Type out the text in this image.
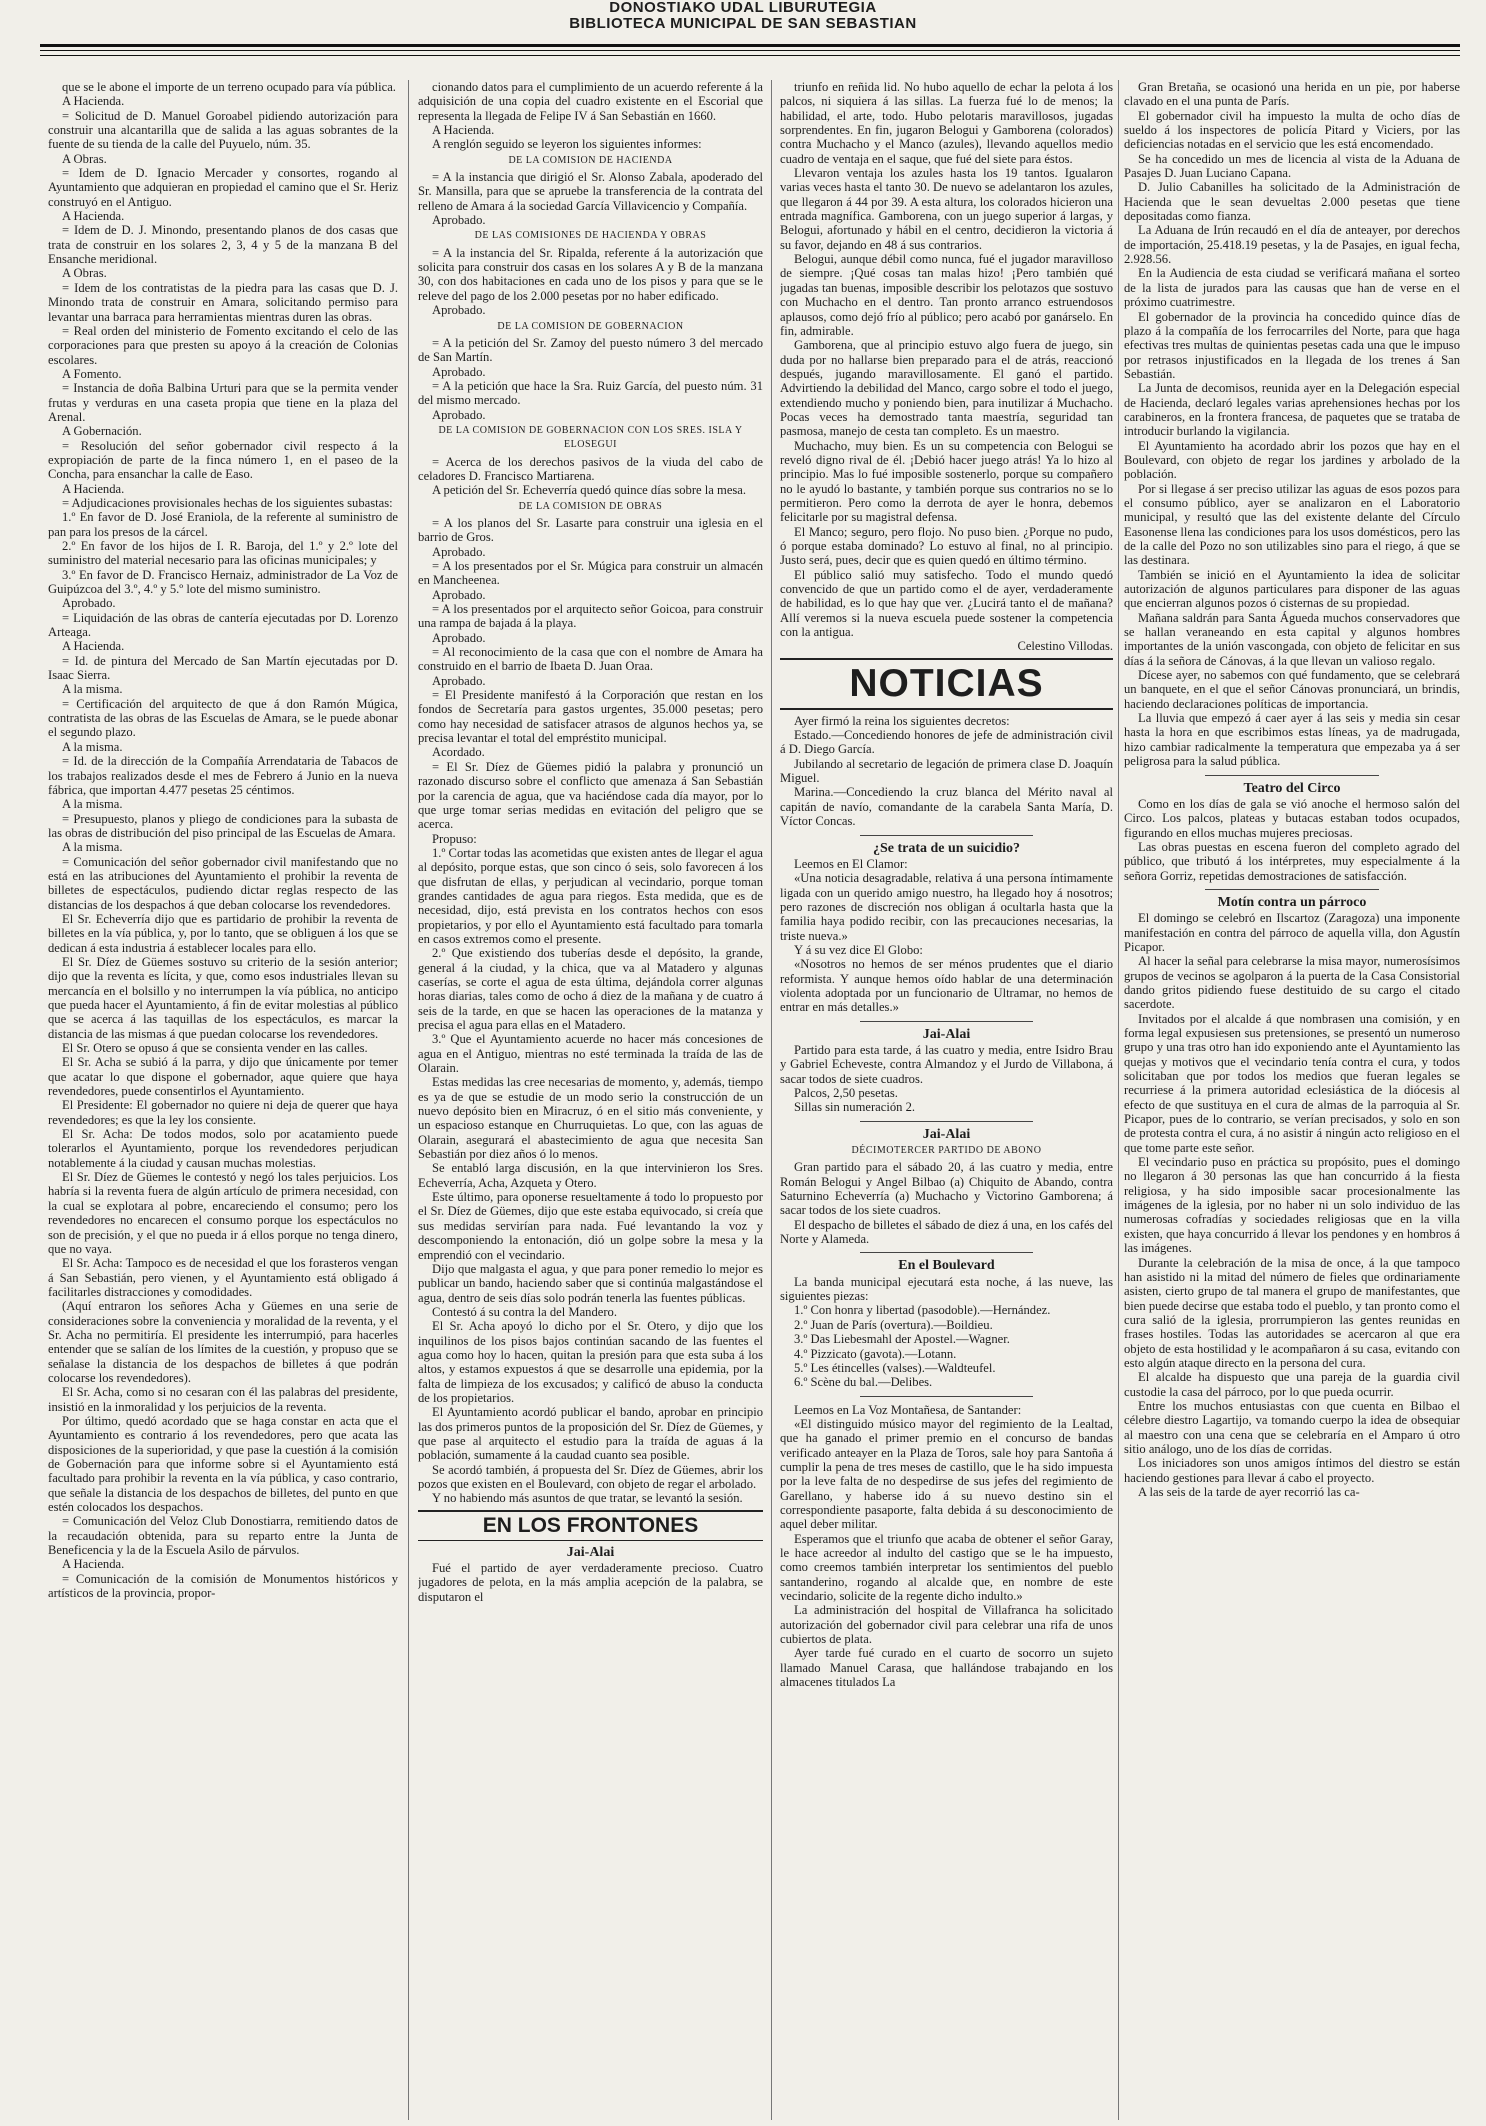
DONOSTIAKO UDAL LIBURUTEGIA
BIBLIOTECA MUNICIPAL DE SAN SEBASTIAN

que se le abone el importe de un terreno ocupado para vía pública.

A Hacienda.

= Solicitud de D. Manuel Goroabel pidiendo autorización para construir una alcantarilla que de salida a las aguas sobrantes de la fuente de su tienda de la calle del Puyuelo, núm. 35.

A Obras.

= Idem de D. Ignacio Mercader y consortes, rogando al Ayuntamiento que adquieran en propiedad el camino que el Sr. Heriz construyó en el Antiguo.

A Hacienda.

= Idem de D. J. Minondo, presentando planos de dos casas que trata de construir en los solares 2, 3, 4 y 5 de la manzana B del Ensanche meridional.

A Obras.

= Idem de los contratistas de la piedra para las casas que D. J. Minondo trata de construir en Amara, solicitando permiso para levantar una barraca para herramientas mientras duren las obras.

= Real orden del ministerio de Fomento excitando el celo de las corporaciones para que presten su apoyo á la creación de Colonias escolares.

A Fomento.

= Instancia de doña Balbina Urturi para que se la permita vender frutas y verduras en una caseta propia que tiene en la plaza del Arenal.

A Gobernación.

= Resolución del señor gobernador civil respecto á la expropiación de parte de la finca número 1, en el paseo de la Concha, para ensanchar la calle de Easo.

A Hacienda.

= Adjudicaciones provisionales hechas de los siguientes subastas:

1.º En favor de D. José Eraniola, de la referente al suministro de pan para los presos de la cárcel.

2.º En favor de los hijos de I. R. Baroja, del 1.º y 2.º lote del suministro del material necesario para las oficinas municipales; y

3.º En favor de D. Francisco Hernaiz, administrador de La Voz de Guipúzcoa del 3.º, 4.º y 5.º lote del mismo suministro.

Aprobado.

= Liquidación de las obras de cantería ejecutadas por D. Lorenzo Arteaga.

A Hacienda.

= Id. de pintura del Mercado de San Martín ejecutadas por D. Isaac Sierra.

A la misma.

= Certificación del arquitecto de que á don Ramón Múgica, contratista de las obras de las Escuelas de Amara, se le puede abonar el segundo plazo.

A la misma.

= Id. de la dirección de la Compañía Arrendataria de Tabacos de los trabajos realizados desde el mes de Febrero á Junio en la nueva fábrica, que importan 4.477 pesetas 25 céntimos.

A la misma.

= Presupuesto, planos y pliego de condiciones para la subasta de las obras de distribución del piso principal de las Escuelas de Amara.

A la misma.

= Comunicación del señor gobernador civil manifestando que no está en las atribuciones del Ayuntamiento el prohibir la reventa de billetes de espectáculos, pudiendo dictar reglas respecto de las distancias de los despachos á que deban colocarse los revendedores.

El Sr. Echeverría dijo que es partidario de prohibir la reventa de billetes en la vía pública, y, por lo tanto, que se obliguen á los que se dedican á esta industria á establecer locales para ello.

El Sr. Díez de Güemes sostuvo su criterio de la sesión anterior; dijo que la reventa es lícita, y que, como esos industriales llevan su mercancía en el bolsillo y no interrumpen la vía pública, no anticipo que pueda hacer el Ayuntamiento, á fin de evitar molestias al público que se acerca á las taquillas de los espectáculos, es marcar la distancia de las mismas á que puedan colocarse los revendedores.

El Sr. Otero se opuso á que se consienta vender en las calles.

El Sr. Acha se subió á la parra, y dijo que únicamente por temer que acatar lo que dispone el gobernador, aque quiere que haya revendedores, puede consentirlos el Ayuntamiento.

El Presidente: El gobernador no quiere ni deja de querer que haya revendedores; es que la ley los consiente.

El Sr. Acha: De todos modos, solo por acatamiento puede tolerarlos el Ayuntamiento, porque los revendedores perjudican notablemente á la ciudad y causan muchas molestias.

El Sr. Díez de Güemes le contestó y negó los tales perjuicios. Los habría si la reventa fuera de algún artículo de primera necesidad, con la cual se explotara al pobre, encareciendo el consumo; pero los revendedores no encarecen el consumo porque los espectáculos no son de precisión, y el que no pueda ir á ellos porque no tenga dinero, que no vaya.

El Sr. Acha: Tampoco es de necesidad el que los forasteros vengan á San Sebastián, pero vienen, y el Ayuntamiento está obligado á facilitarles distracciones y comodidades.

(Aquí entraron los señores Acha y Güemes en una serie de consideraciones sobre la conveniencia y moralidad de la reventa, y el Sr. Acha no permitiría. El presidente les interrumpió, para hacerles entender que se salían de los límites de la cuestión, y propuso que se señalase la distancia de los despachos de billetes á que podrán colocarse los revendedores).

El Sr. Acha, como si no cesaran con él las palabras del presidente, insistió en la inmoralidad y los perjuicios de la reventa.

Por último, quedó acordado que se haga constar en acta que el Ayuntamiento es contrario á los revendedores, pero que acata las disposiciones de la superioridad, y que pase la cuestión á la comisión de Gobernación para que informe sobre si el Ayuntamiento está facultado para prohibir la reventa en la vía pública, y caso contrario, que señale la distancia de los despachos de billetes, del punto en que estén colocados los despachos.

= Comunicación del Veloz Club Donostiarra, remitiendo datos de la recaudación obtenida, para su reparto entre la Junta de Beneficencia y la de la Escuela Asilo de párvulos.

A Hacienda.

= Comunicación de la comisión de Monumentos históricos y artísticos de la provincia, propor-

cionando datos para el cumplimiento de un acuerdo referente á la adquisición de una copia del cuadro existente en el Escorial que representa la llegada de Felipe IV á San Sebastián en 1660.

A Hacienda.

A renglón seguido se leyeron los siguientes informes:

DE LA COMISION DE HACIENDA

= A la instancia que dirigió el Sr. Alonso Zabala, apoderado del Sr. Mansilla, para que se apruebe la transferencia de la contrata del relleno de Amara á la sociedad García Villavicencio y Compañía.

Aprobado.

DE LAS COMISIONES DE HACIENDA Y OBRAS

= A la instancia del Sr. Ripalda, referente á la autorización que solicita para construir dos casas en los solares A y B de la manzana 30, con dos habitaciones en cada uno de los pisos y para que se le releve del pago de los 2.000 pesetas por no haber edificado.

Aprobado.

DE LA COMISION DE GOBERNACION

= A la petición del Sr. Zamoy del puesto número 3 del mercado de San Martín.

Aprobado.

= A la petición que hace la Sra. Ruiz García, del puesto núm. 31 del mismo mercado.

Aprobado.

DE LA COMISION DE GOBERNACION CON LOS SRES. ISLA Y ELOSEGUI

= Acerca de los derechos pasivos de la viuda del cabo de celadores D. Francisco Martiarena.

A petición del Sr. Echeverría quedó quince días sobre la mesa.

DE LA COMISION DE OBRAS

= A los planos del Sr. Lasarte para construir una iglesia en el barrio de Gros.

Aprobado.

= A los presentados por el Sr. Múgica para construir un almacén en Mancheenea.

Aprobado.

= A los presentados por el arquitecto señor Goicoa, para construir una rampa de bajada á la playa.

Aprobado.

= Al reconocimiento de la casa que con el nombre de Amara ha construido en el barrio de Ibaeta D. Juan Oraa.

Aprobado.

= El Presidente manifestó á la Corporación que restan en los fondos de Secretaría para gastos urgentes, 35.000 pesetas; pero como hay necesidad de satisfacer atrasos de algunos hechos ya, se precisa levantar el total del empréstito municipal.

Acordado.

= El Sr. Díez de Güemes pidió la palabra y pronunció un razonado discurso sobre el conflicto que amenaza á San Sebastián por la carencia de agua, que va haciéndose cada día mayor, por lo que urge tomar serias medidas en evitación del peligro que se acerca.

Propuso:

1.º Cortar todas las acometidas que existen antes de llegar el agua al depósito, porque estas, que son cinco ó seis, solo favorecen á los que disfrutan de ellas, y perjudican al vecindario, porque toman grandes cantidades de agua para riegos. Esta medida, que es de necesidad, dijo, está prevista en los contratos hechos con esos propietarios, y por ello el Ayuntamiento está facultado para tomarla en casos extremos como el presente.

2.º Que existiendo dos tuberías desde el depósito, la grande, general á la ciudad, y la chica, que va al Matadero y algunas caserías, se corte el agua de esta última, dejándola correr algunas horas diarias, tales como de ocho á diez de la mañana y de cuatro á seis de la tarde, en que se hacen las operaciones de la matanza y precisa el agua para ellas en el Matadero.

3.º Que el Ayuntamiento acuerde no hacer más concesiones de agua en el Antiguo, mientras no esté terminada la traída de las de Olarain.

Estas medidas las cree necesarias de momento, y, además, tiempo es ya de que se estudie de un modo serio la construcción de un nuevo depósito bien en Miracruz, ó en el sitio más conveniente, y un espacioso estanque en Churruquietas. Lo que, con las aguas de Olarain, asegurará el abastecimiento de agua que necesita San Sebastián por diez años ó lo menos.

Se entabló larga discusión, en la que intervinieron los Sres. Echeverría, Acha, Azqueta y Otero.

Este último, para oponerse resueltamente á todo lo propuesto por el Sr. Díez de Güemes, dijo que este estaba equivocado, si creía que sus medidas servirían para nada. Fué levantando la voz y descomponiendo la entonación, dió un golpe sobre la mesa y la emprendió con el vecindario.

Dijo que malgasta el agua, y que para poner remedio lo mejor es publicar un bando, haciendo saber que si continúa malgastándose el agua, dentro de seis días solo podrán tenerla las fuentes públicas.

Contestó á su contra la del Mandero.

El Sr. Acha apoyó lo dicho por el Sr. Otero, y dijo que los inquilinos de los pisos bajos continúan sacando de las fuentes el agua como hoy lo hacen, quitan la presión para que esta suba á los altos, y estamos expuestos á que se desarrolle una epidemia, por la falta de limpieza de los excusados; y calificó de abuso la conducta de los propietarios.

El Ayuntamiento acordó publicar el bando, aprobar en principio las dos primeros puntos de la proposición del Sr. Díez de Güemes, y que pase al arquitecto el estudio para la traída de aguas á la población, sumamente á la caudad cuanto sea posible.

Se acordó también, á propuesta del Sr. Díez de Güemes, abrir los pozos que existen en el Boulevard, con objeto de regar el arbolado.

Y no habiendo más asuntos de que tratar, se levantó la sesión.

EN LOS FRONTONES
Jai-Alai

Fué el partido de ayer verdaderamente precioso. Cuatro jugadores de pelota, en la más amplia acepción de la palabra, se disputaron el

triunfo en reñida lid. No hubo aquello de echar la pelota á los palcos, ni siquiera á las sillas. La fuerza fué lo de menos; la habilidad, el arte, todo. Hubo pelotaris maravillosos, jugadas sorprendentes. En fin, jugaron Belogui y Gamborena (colorados) contra Muchacho y el Manco (azules), llevando aquellos medio cuadro de ventaja en el saque, que fué del siete para éstos.

Llevaron ventaja los azules hasta los 19 tantos. Igualaron varias veces hasta el tanto 30. De nuevo se adelantaron los azules, que llegaron á 44 por 39. A esta altura, los colorados hicieron una entrada magnífica. Gamborena, con un juego superior á largas, y Belogui, afortunado y hábil en el centro, decidieron la victoria á su favor, dejando en 48 á sus contrarios.

Belogui, aunque débil como nunca, fué el jugador maravilloso de siempre. ¡Qué cosas tan malas hizo! ¡Pero también qué jugadas tan buenas, imposible describir los pelotazos que sostuvo con Muchacho en el dentro. Tan pronto arranco estruendosos aplausos, como dejó frío al público; pero acabó por ganárselo. En fin, admirable.

Gamborena, que al principio estuvo algo fuera de juego, sin duda por no hallarse bien preparado para el de atrás, reaccionó después, jugando maravillosamente. El ganó el partido. Advirtiendo la debilidad del Manco, cargo sobre el todo el juego, extendiendo mucho y poniendo bien, para inutilizar á Muchacho. Pocas veces ha demostrado tanta maestría, seguridad tan pasmosa, manejo de cesta tan completo. Es un maestro.

Muchacho, muy bien. Es un su competencia con Belogui se reveló digno rival de él. ¡Debió hacer juego atrás! Ya lo hizo al principio. Mas lo fué imposible sostenerlo, porque su compañero no le ayudó lo bastante, y también porque sus contrarios no se lo permitieron. Pero como la derrota de ayer le honra, debemos felicitarle por su magistral defensa.

El Manco; seguro, pero flojo. No puso bien. ¿Porque no pudo, ó porque estaba dominado? Lo estuvo al final, no al principio. Justo será, pues, decir que es quien quedó en último término.

El público salió muy satisfecho. Todo el mundo quedó convencido de que un partido como el de ayer, verdaderamente de habilidad, es lo que hay que ver. ¿Lucirá tanto el de mañana? Allí veremos si la nueva escuela puede sostener la competencia con la antigua.

Celestino Villodas.

NOTICIAS

Ayer firmó la reina los siguientes decretos:

Estado.—Concediendo honores de jefe de administración civil á D. Diego García.

Jubilando al secretario de legación de primera clase D. Joaquín Miguel.

Marina.—Concediendo la cruz blanca del Mérito naval al capitán de navío, comandante de la carabela Santa María, D. Víctor Concas.

¿Se trata de un suicidio?

Leemos en El Clamor:

«Una noticia desagradable, relativa á una persona íntimamente ligada con un querido amigo nuestro, ha llegado hoy á nosotros; pero razones de discreción nos obligan á ocultarla hasta que la familia haya podido recibir, con las precauciones necesarias, la triste nueva.»

Y á su vez dice El Globo:

«Nosotros no hemos de ser ménos prudentes que el diario reformista. Y aunque hemos oído hablar de una determinación violenta adoptada por un funcionario de Ultramar, no hemos de entrar en más detalles.»

Jai-Alai

Partido para esta tarde, á las cuatro y media, entre Isidro Brau y Gabriel Echeveste, contra Almandoz y el Jurdo de Villabona, á sacar todos de siete cuadros.

Palcos, 2,50 pesetas.

Sillas sin numeración 2.

Jai-Alai

DÉCIMOTERCER PARTIDO DE ABONO

Gran partido para el sábado 20, á las cuatro y media, entre Román Belogui y Angel Bilbao (a) Chiquito de Abando, contra Saturnino Echeverría (a) Muchacho y Victorino Gamborena; á sacar todos de los siete cuadros.

El despacho de billetes el sábado de diez á una, en los cafés del Norte y Alameda.

En el Boulevard

La banda municipal ejecutará esta noche, á las nueve, las siguientes piezas:

1.º Con honra y libertad (pasodoble).—Hernández.

2.º Juan de París (overtura).—Boildieu.

3.º Das Liebesmahl der Apostel.—Wagner.

4.º Pizzicato (gavota).—Lotann.

5.º Les étincelles (valses).—Waldteufel.

6.º Scène du bal.—Delibes.

Leemos en La Voz Montañesa, de Santander:

«El distinguido músico mayor del regimiento de la Lealtad, que ha ganado el primer premio en el concurso de bandas verificado anteayer en la Plaza de Toros, sale hoy para Santoña á cumplir la pena de tres meses de castillo, que le ha sido impuesta por la leve falta de no despedirse de sus jefes del regimiento de Garellano, y haberse ido á su nuevo destino sin el correspondiente pasaporte, falta debida á su desconocimiento de aquel deber militar.

Esperamos que el triunfo que acaba de obtener el señor Garay, le hace acreedor al indulto del castigo que se le ha impuesto, como creemos también interpretar los sentimientos del pueblo santanderino, rogando al alcalde que, en nombre de este vecindario, solicite de la regente dicho indulto.»

La administración del hospital de Villafranca ha solicitado autorización del gobernador civil para celebrar una rifa de unos cubiertos de plata.

Ayer tarde fué curado en el cuarto de socorro un sujeto llamado Manuel Carasa, que hallándose trabajando en los almacenes titulados La

Gran Bretaña, se ocasionó una herida en un pie, por haberse clavado en el una punta de París.

El gobernador civil ha impuesto la multa de ocho días de sueldo á los inspectores de policía Pitard y Viciers, por las deficiencias notadas en el servicio que les está encomendado.

Se ha concedido un mes de licencia al vista de la Aduana de Pasajes D. Juan Luciano Capana.

D. Julio Cabanilles ha solicitado de la Administración de Hacienda que le sean devueltas 2.000 pesetas que tiene depositadas como fianza.

La Aduana de Irún recaudó en el día de anteayer, por derechos de importación, 25.418.19 pesetas, y la de Pasajes, en igual fecha, 2.928.56.

En la Audiencia de esta ciudad se verificará mañana el sorteo de la lista de jurados para las causas que han de verse en el próximo cuatrimestre.

El gobernador de la provincia ha concedido quince días de plazo á la compañía de los ferrocarriles del Norte, para que haga efectivas tres multas de quinientas pesetas cada una que le impuso por retrasos injustificados en la llegada de los trenes á San Sebastián.

La Junta de decomisos, reunida ayer en la Delegación especial de Hacienda, declaró legales varias aprehensiones hechas por los carabineros, en la frontera francesa, de paquetes que se trataba de introducir burlando la vigilancia.

El Ayuntamiento ha acordado abrir los pozos que hay en el Boulevard, con objeto de regar los jardines y arbolado de la población.

Por si llegase á ser preciso utilizar las aguas de esos pozos para el consumo público, ayer se analizaron en el Laboratorio municipal, y resultó que las del existente delante del Círculo Easonense llena las condiciones para los usos domésticos, pero las de la calle del Pozo no son utilizables sino para el riego, á que se las destinara.

También se inició en el Ayuntamiento la idea de solicitar autorización de algunos particulares para disponer de las aguas que encierran algunos pozos ó cisternas de su propiedad.

Mañana saldrán para Santa Águeda muchos conservadores que se hallan veraneando en esta capital y algunos hombres importantes de la unión vascongada, con objeto de felicitar en sus días á la señora de Cánovas, á la que llevan un valioso regalo.

Dícese ayer, no sabemos con qué fundamento, que se celebrará un banquete, en el que el señor Cánovas pronunciará, un brindis, haciendo declaraciones políticas de importancia.

La lluvia que empezó á caer ayer á las seis y media sin cesar hasta la hora en que escribimos estas líneas, ya de madrugada, hizo cambiar radicalmente la temperatura que empezaba ya á ser peligrosa para la salud pública.

Teatro del Circo

Como en los días de gala se vió anoche el hermoso salón del Circo. Los palcos, plateas y butacas estaban todos ocupados, figurando en ellos muchas mujeres preciosas.

Las obras puestas en escena fueron del completo agrado del público, que tributó á los intérpretes, muy especialmente á la señora Gorriz, repetidas demostraciones de satisfacción.

Motín contra un párroco

El domingo se celebró en Ilscartoz (Zaragoza) una imponente manifestación en contra del párroco de aquella villa, don Agustín Picapor.

Al hacer la señal para celebrarse la misa mayor, numerosísimos grupos de vecinos se agolparon á la puerta de la Casa Consistorial dando gritos pidiendo fuese destituido de su cargo el citado sacerdote.

Invitados por el alcalde á que nombrasen una comisión, y en forma legal expusiesen sus pretensiones, se presentó un numeroso grupo y una tras otro han ido exponiendo ante el Ayuntamiento las quejas y motivos que el vecindario tenía contra el cura, y todos solicitaban que por todos los medios que fueran legales se recurriese á la primera autoridad eclesiástica de la diócesis al efecto de que sustituya en el cura de almas de la parroquia al Sr. Picapor, pues de lo contrario, se verían precisados, y solo en son de protesta contra el cura, á no asistir á ningún acto religioso en el que tome parte este señor.

El vecindario puso en práctica su propósito, pues el domingo no llegaron á 30 personas las que han concurrido á la fiesta religiosa, y ha sido imposible sacar procesionalmente las imágenes de la iglesia, por no haber ni un solo individuo de las numerosas cofradías y sociedades religiosas que en la villa existen, que haya concurrido á llevar los pendones y en hombros á las imágenes.

Durante la celebración de la misa de once, á la que tampoco han asistido ni la mitad del número de fieles que ordinariamente asisten, cierto grupo de tal manera el grupo de manifestantes, que bien puede decirse que estaba todo el pueblo, y tan pronto como el cura salió de la iglesia, prorrumpieron las gentes reunidas en frases hostiles. Todas las autoridades se acercaron al que era objeto de esta hostilidad y le acompañaron á su casa, evitando con esto algún ataque directo en la persona del cura.

El alcalde ha dispuesto que una pareja de la guardia civil custodie la casa del párroco, por lo que pueda ocurrir.

Entre los muchos entusiastas con que cuenta en Bilbao el célebre diestro Lagartijo, va tomando cuerpo la idea de obsequiar al maestro con una cena que se celebraría en el Amparo ú otro sitio análogo, uno de los días de corridas.

Los iniciadores son unos amigos íntimos del diestro se están haciendo gestiones para llevar á cabo el proyecto.

A las seis de la tarde de ayer recorrió las ca-
